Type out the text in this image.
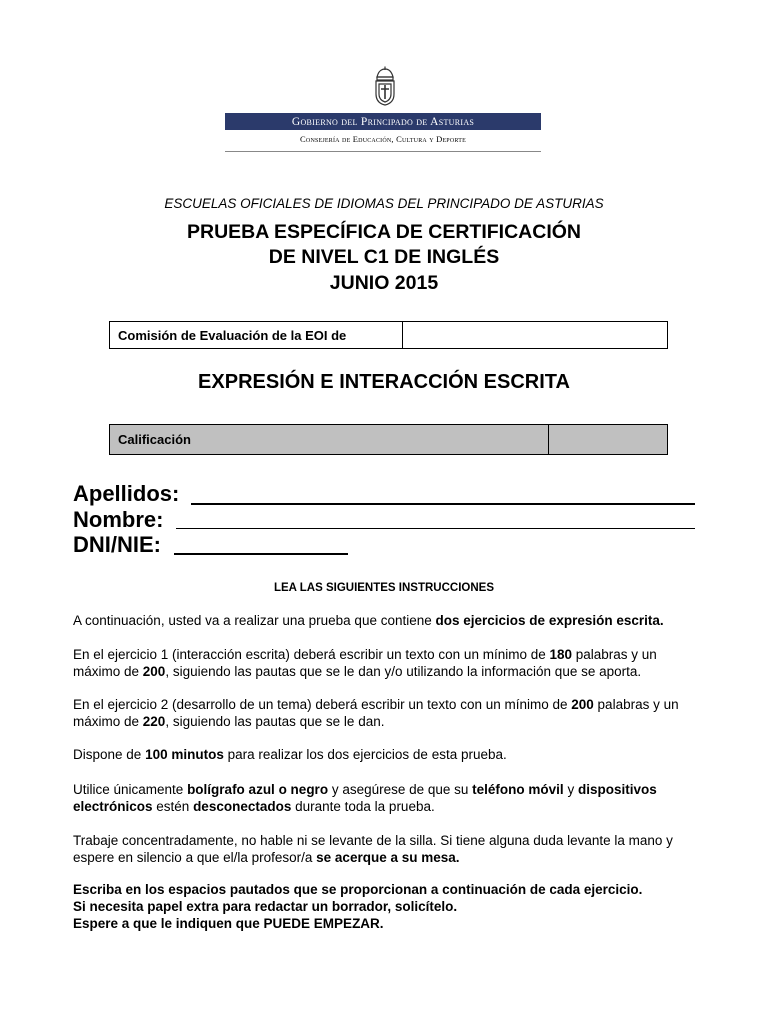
Gobierno del Principado de Asturias
Consejería de Educación, Cultura y Deporte
ESCUELAS OFICIALES DE IDIOMAS DEL PRINCIPADO DE ASTURIAS
PRUEBA ESPECÍFICA DE CERTIFICACIÓN
DE NIVEL C1 DE INGLÉS
JUNIO 2015
Comisión de Evaluación de la EOI de	
EXPRESIÓN E INTERACCIÓN ESCRITA
Calificación	
Apellidos:
Nombre:
DNI/NIE:
LEA LAS SIGUIENTES INSTRUCCIONES
A continuación, usted va a realizar una prueba que contiene dos ejercicios de expresión escrita.
En el ejercicio 1 (interacción escrita) deberá escribir un texto con un mínimo de 180 palabras y un máximo de 200, siguiendo las pautas que se le dan y/o utilizando la información que se aporta.
En el ejercicio 2 (desarrollo de un tema) deberá escribir un texto con un mínimo de 200 palabras y un máximo de 220, siguiendo las pautas que se le dan.
Dispone de 100 minutos para realizar los dos ejercicios de esta prueba.
Utilice únicamente bolígrafo azul o negro y asegúrese de que su teléfono móvil y dispositivos electrónicos estén desconectados durante toda la prueba.
Trabaje concentradamente, no hable ni se levante de la silla. Si tiene alguna duda levante la mano y espere en silencio a que el/la profesor/a se acerque a su mesa.
Escriba en los espacios pautados que se proporcionan a continuación de cada ejercicio.
Si necesita papel extra para redactar un borrador, solicítelo.
Espere a que le indiquen que PUEDE EMPEZAR.
